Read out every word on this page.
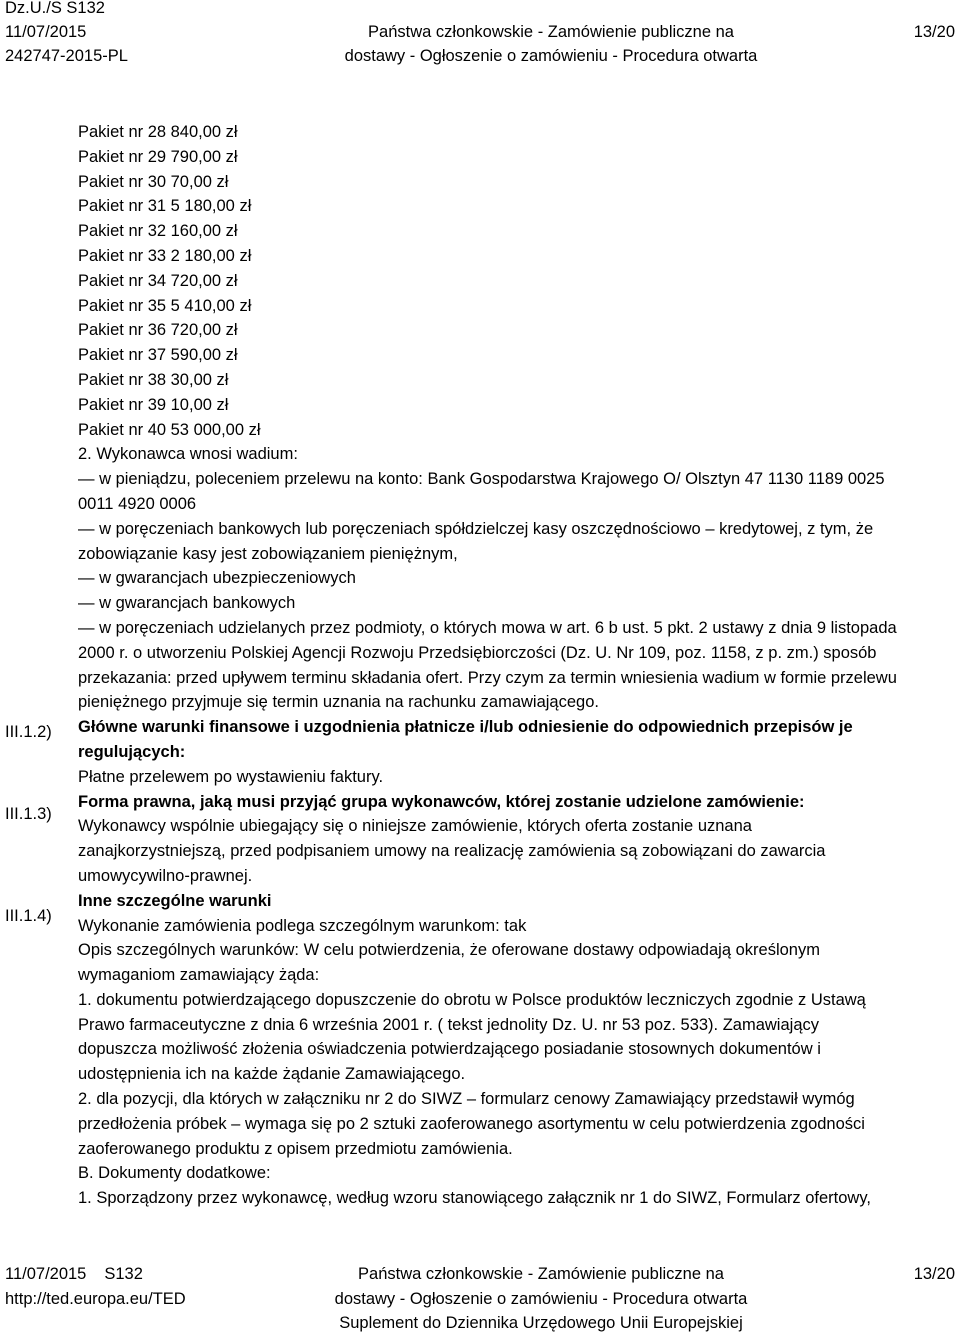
Dz.U./S S132
11/07/2015
242747-2015-PL
Państwa członkowskie - Zamówienie publiczne na
dostawy - Ogłoszenie o zamówieniu - Procedura otwarta
13/20
III.1.2)
III.1.3)
III.1.4)
Pakiet nr 28 840,00 zł
Pakiet nr 29 790,00 zł
Pakiet nr 30 70,00 zł
Pakiet nr 31 5 180,00 zł
Pakiet nr 32 160,00 zł
Pakiet nr 33 2 180,00 zł
Pakiet nr 34 720,00 zł
Pakiet nr 35 5 410,00 zł
Pakiet nr 36 720,00 zł
Pakiet nr 37 590,00 zł
Pakiet nr 38 30,00 zł
Pakiet nr 39 10,00 zł
Pakiet nr 40 53 000,00 zł
2. Wykonawca wnosi wadium:
— w pieniądzu, poleceniem przelewu na konto: Bank Gospodarstwa Krajowego O/ Olsztyn 47 1130 1189 0025
0011 4920 0006
— w poręczeniach bankowych lub poręczeniach spółdzielczej kasy oszczędnościowo – kredytowej, z tym, że
zobowiązanie kasy jest zobowiązaniem pieniężnym,
— w gwarancjach ubezpieczeniowych
— w gwarancjach bankowych
— w poręczeniach udzielanych przez podmioty, o których mowa w art. 6 b ust. 5 pkt. 2 ustawy z dnia 9 listopada
2000 r. o utworzeniu Polskiej Agencji Rozwoju Przedsiębiorczości (Dz. U. Nr 109, poz. 1158, z p. zm.) sposób
przekazania: przed upływem terminu składania ofert. Przy czym za termin wniesienia wadium w formie przelewu
pieniężnego przyjmuje się termin uznania na rachunku zamawiającego.
Główne warunki finansowe i uzgodnienia płatnicze i/lub odniesienie do odpowiednich przepisów je
regulujących:
Płatne przelewem po wystawieniu faktury.
Forma prawna, jaką musi przyjąć grupa wykonawców, której zostanie udzielone zamówienie:
Wykonawcy wspólnie ubiegający się o niniejsze zamówienie, których oferta zostanie uznana
zanajkorzystniejszą, przed podpisaniem umowy na realizację zamówienia są zobowiązani do zawarcia
umowycywilno-prawnej.
Inne szczególne warunki
Wykonanie zamówienia podlega szczególnym warunkom: tak
Opis szczególnych warunków: W celu potwierdzenia, że oferowane dostawy odpowiadają określonym
wymaganiom zamawiający żąda:
1. dokumentu potwierdzającego dopuszczenie do obrotu w Polsce produktów leczniczych zgodnie z Ustawą
Prawo farmaceutyczne z dnia 6 września 2001 r. ( tekst jednolity Dz. U. nr 53 poz. 533). Zamawiający
dopuszcza możliwość złożenia oświadczenia potwierdzającego posiadanie stosownych dokumentów i
udostępnienia ich na każde żądanie Zamawiającego.
2. dla pozycji, dla których w załączniku nr 2 do SIWZ – formularz cenowy Zamawiający przedstawił wymóg
przedłożenia próbek – wymaga się po 2 sztuki zaoferowanego asortymentu w celu potwierdzenia zgodności
zaoferowanego produktu z opisem przedmiotu zamówienia.
B. Dokumenty dodatkowe:
1. Sporządzony przez wykonawcę, według wzoru stanowiącego załącznik nr 1 do SIWZ, Formularz ofertowy,
11/07/2015 S132
http://ted.europa.eu/TED
Państwa członkowskie - Zamówienie publiczne na
dostawy - Ogłoszenie o zamówieniu - Procedura otwarta
Suplement do Dziennika Urzędowego Unii Europejskiej
13/20
